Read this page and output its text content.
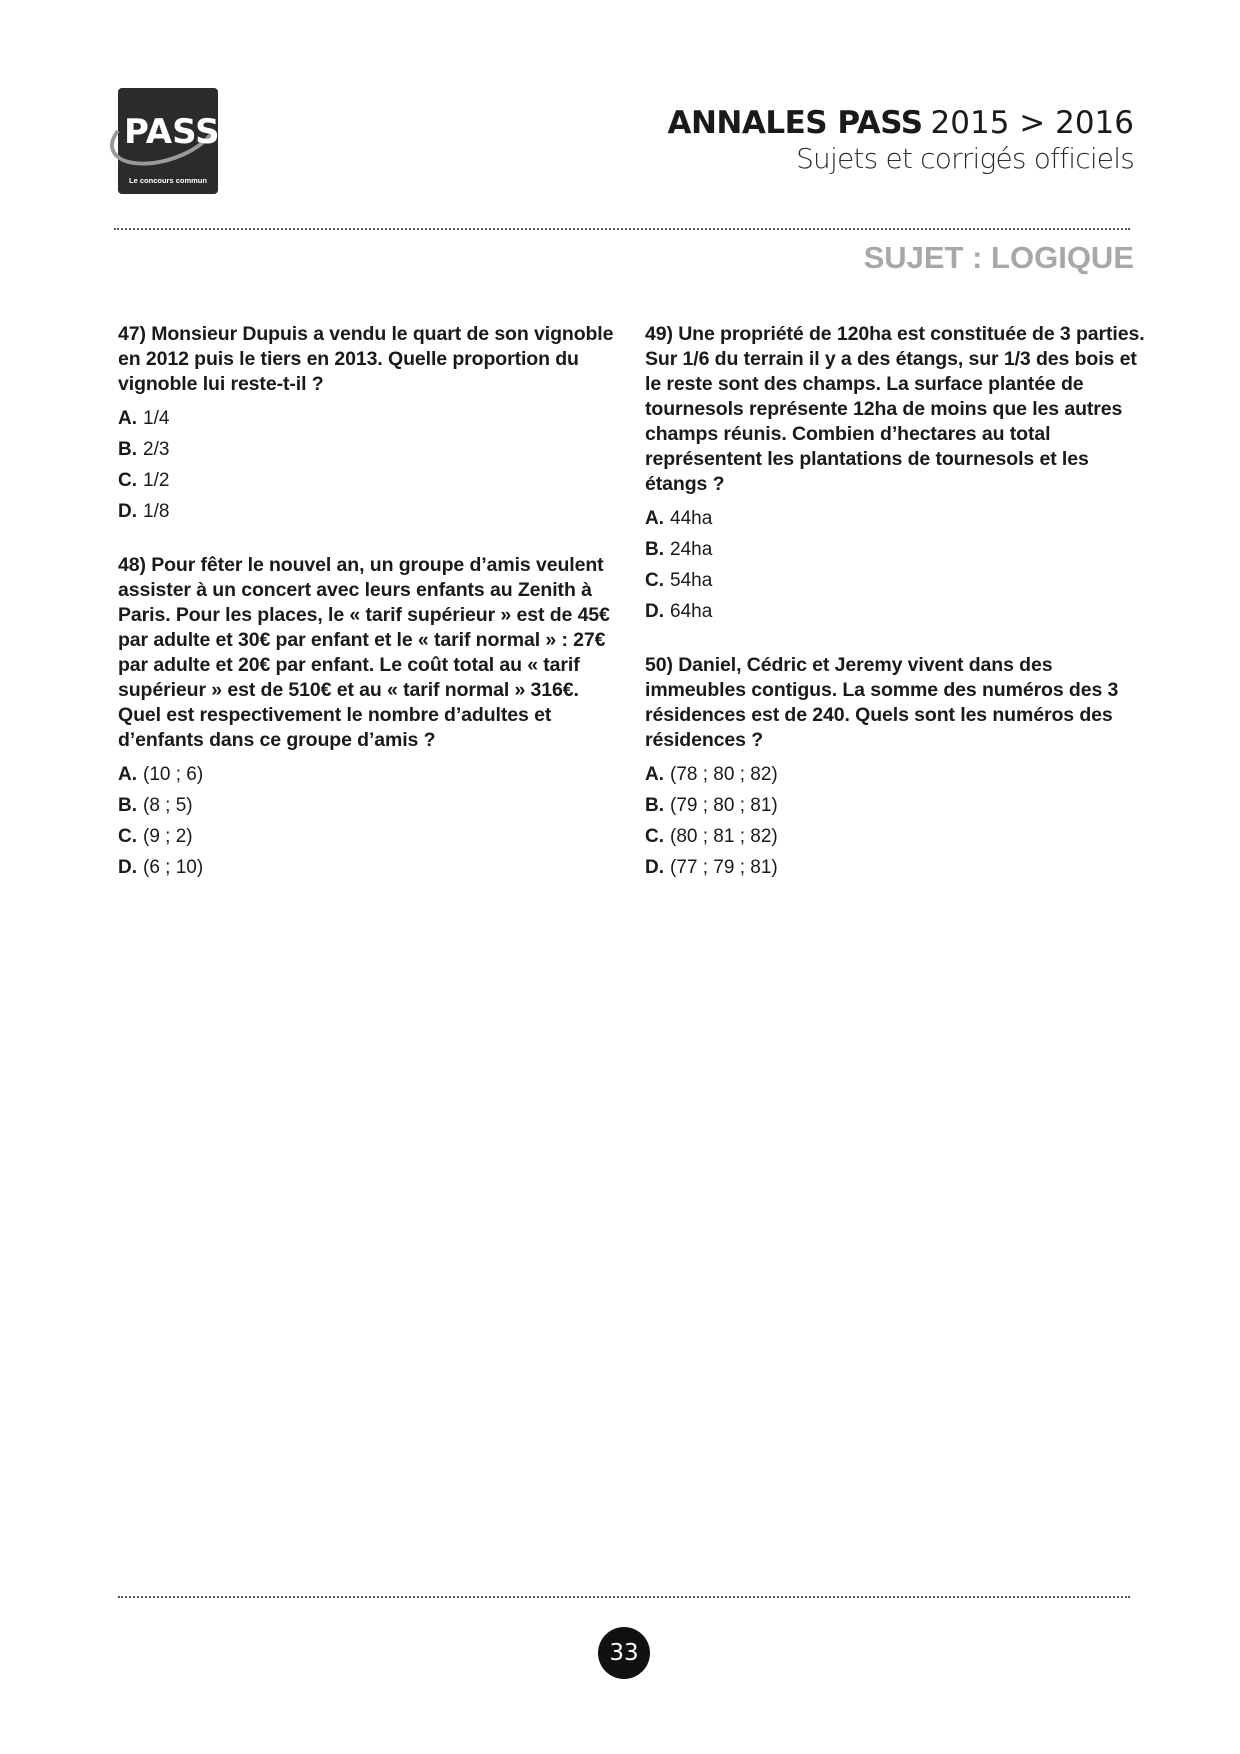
PASS
Le concours commun
ANNALES PASS 2015 > 2016
Sujets et corrigés officiels
SUJET : LOGIQUE

47) Monsieur Dupuis a vendu le quart de son vignoble en 2012 puis le tiers en 2013. Quelle proportion du vignoble lui reste-t-il ?

A. 1/4
B. 2/3
C. 1/2
D. 1/8

48) Pour fêter le nouvel an, un groupe d’amis veulent assister à un concert avec leurs enfants au Zenith à Paris. Pour les places, le « tarif supérieur » est de 45€ par adulte et 30€ par enfant et le « tarif normal » : 27€ par adulte et 20€ par enfant. Le coût total au « tarif supérieur » est de 510€ et au « tarif normal » 316€. Quel est respectivement le nombre d’adultes et d’enfants dans ce groupe d’amis ?

A. (10 ; 6)
B. (8 ; 5)
C. (9 ; 2)
D. (6 ; 10)

49) Une propriété de 120ha est constituée de 3 parties. Sur 1/6 du terrain il y a des étangs, sur 1/3 des bois et le reste sont des champs. La surface plantée de tournesols représente 12ha de moins que les autres champs réunis. Combien d’hectares au total représentent les plantations de tournesols et les étangs ?

A. 44ha
B. 24ha
C. 54ha
D. 64ha

50) Daniel, Cédric et Jeremy vivent dans des immeubles contigus. La somme des numéros des 3 résidences est de 240. Quels sont les numéros des résidences ?

A. (78 ; 80 ; 82)
B. (79 ; 80 ; 81)
C. (80 ; 81 ; 82)
D. (77 ; 79 ; 81)
33
